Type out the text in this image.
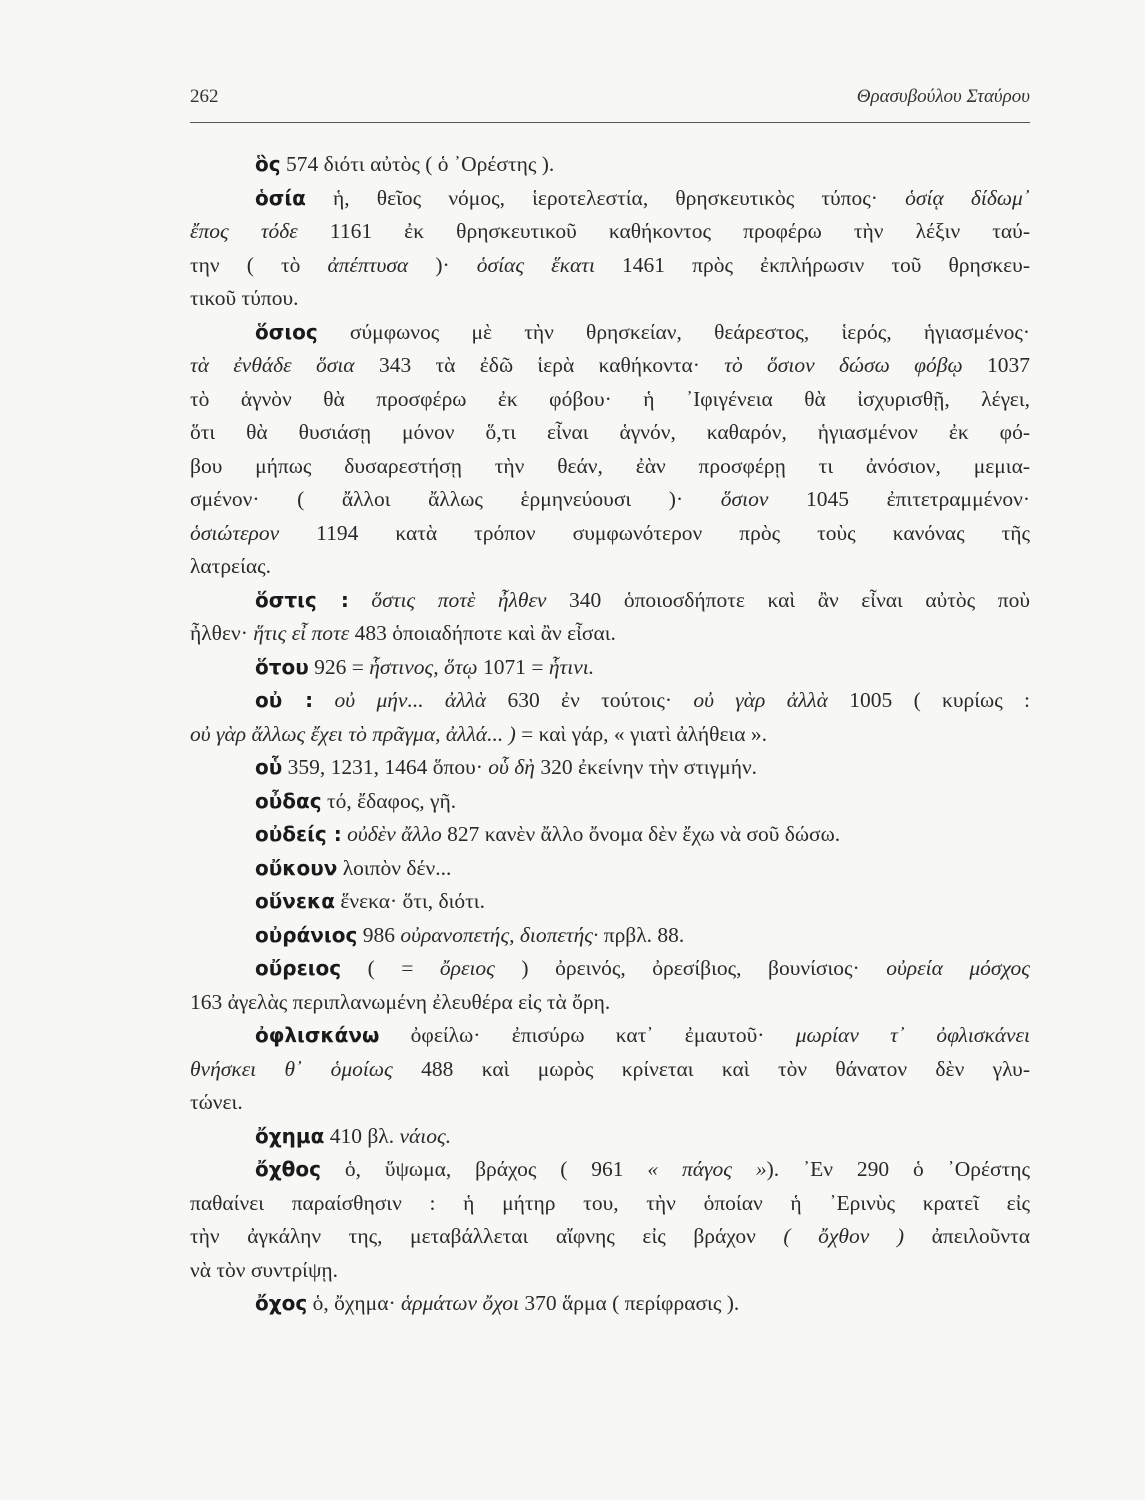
262	Θρασυβούλου Σταύρου
ὃς 574 διότι αὐτὸς ( ὁ ᾿Ορέστης ).
ὁσία ἡ, θεῖος νόμος, ἱεροτελεστία, θρησκευτικὸς τύπος· ὁσίᾳ δίδωμ᾿
ἔπος τόδε 1161 ἐκ θρησκευτικοῦ καθήκοντος προφέρω τὴν λέξιν ταύ-
την ( τὸ ἀπέπτυσα )· ὁσίας ἕκατι 1461 πρὸς ἐκπλήρωσιν τοῦ θρησκευ-
τικοῦ τύπου.
ὅσιος σύμφωνος μὲ τὴν θρησκείαν, θεάρεστος, ἱερός, ἡγιασμένος·
τὰ ἐνθάδε ὅσια 343 τὰ ἐδῶ ἱερὰ καθήκοντα· τὸ ὅσιον δώσω φόβῳ 1037
τὸ ἁγνὸν θὰ προσφέρω ἐκ φόβου· ἡ ᾿Ιφιγένεια θὰ ἰσχυρισθῇ, λέγει,
ὅτι θὰ θυσιάσῃ μόνον ὅ,τι εἶναι ἁγνόν, καθαρόν, ἡγιασμένον ἐκ φό-
βου μήπως δυσαρεστήσῃ τὴν θεάν, ἐὰν προσφέρῃ τι ἀνόσιον, μεμια-
σμένον· ( ἄλλοι ἄλλως ἑρμηνεύουσι )· ὅσιον 1045 ἐπιτετραμμένον·
ὁσιώτερον 1194 κατὰ τρόπον συμφωνότερον πρὸς τοὺς κανόνας τῆς
λατρείας.
ὅστις : ὅστις ποτὲ ἦλθεν 340 ὁποιοσδήποτε καὶ ἂν εἶναι αὐτὸς ποὺ
ἦλθεν· ἥτις εἶ ποτε 483 ὁποιαδήποτε καὶ ἂν εἶσαι.
ὅτου 926 = ἧστινος, ὅτῳ 1071 = ἧτινι.
οὐ : οὐ μήν... ἀλλὰ 630 ἐν τούτοις· οὐ γὰρ ἀλλὰ 1005 ( κυρίως :
οὐ γὰρ ἄλλως ἔχει τὸ πρᾶγμα, ἀλλά... ) = καὶ γάρ, « γιατὶ ἀλήθεια ».
οὗ 359, 1231, 1464 ὅπου· οὗ δὴ 320 ἐκείνην τὴν στιγμήν.
οὖδας τό, ἔδαφος, γῆ.
οὐδείς : οὐδὲν ἄλλο 827 κανὲν ἄλλο ὄνομα δὲν ἔχω νὰ σοῦ δώσω.
οὔκουν λοιπὸν δέν...
οὕνεκα ἕνεκα· ὅτι, διότι.
οὐράνιος 986 οὐρανοπετής, διοπετής· πρβλ. 88.
οὔρειος ( = ὄρειος ) ὀρεινός, ὀρεσίβιος, βουνίσιος· οὐρεία μόσχος
163 ἀγελὰς περιπλανωμένη ἐλευθέρα εἰς τὰ ὄρη.
ὀφλισκάνω ὀφείλω· ἐπισύρω κατ᾿ ἐμαυτοῦ· μωρίαν τ᾿ ὀφλισκάνει
θνήσκει θ᾿ ὁμοίως 488 καὶ μωρὸς κρίνεται καὶ τὸν θάνατον δὲν γλυ-
τώνει.
ὄχημα 410 βλ. νάιος.
ὄχθος ὁ, ὕψωμα, βράχος ( 961 « πάγος »). ᾿Εν 290 ὁ ᾿Ορέστης
παθαίνει παραίσθησιν : ἡ μήτηρ του, τὴν ὁποίαν ἡ ᾿Ερινὺς κρατεῖ εἰς
τὴν ἀγκάλην της, μεταβάλλεται αἴφνης εἰς βράχον ( ὄχθον ) ἀπειλοῦντα
νὰ τὸν συντρίψῃ.
ὄχος ὁ, ὄχημα· ἁρμάτων ὄχοι 370 ἅρμα ( περίφρασις ).
